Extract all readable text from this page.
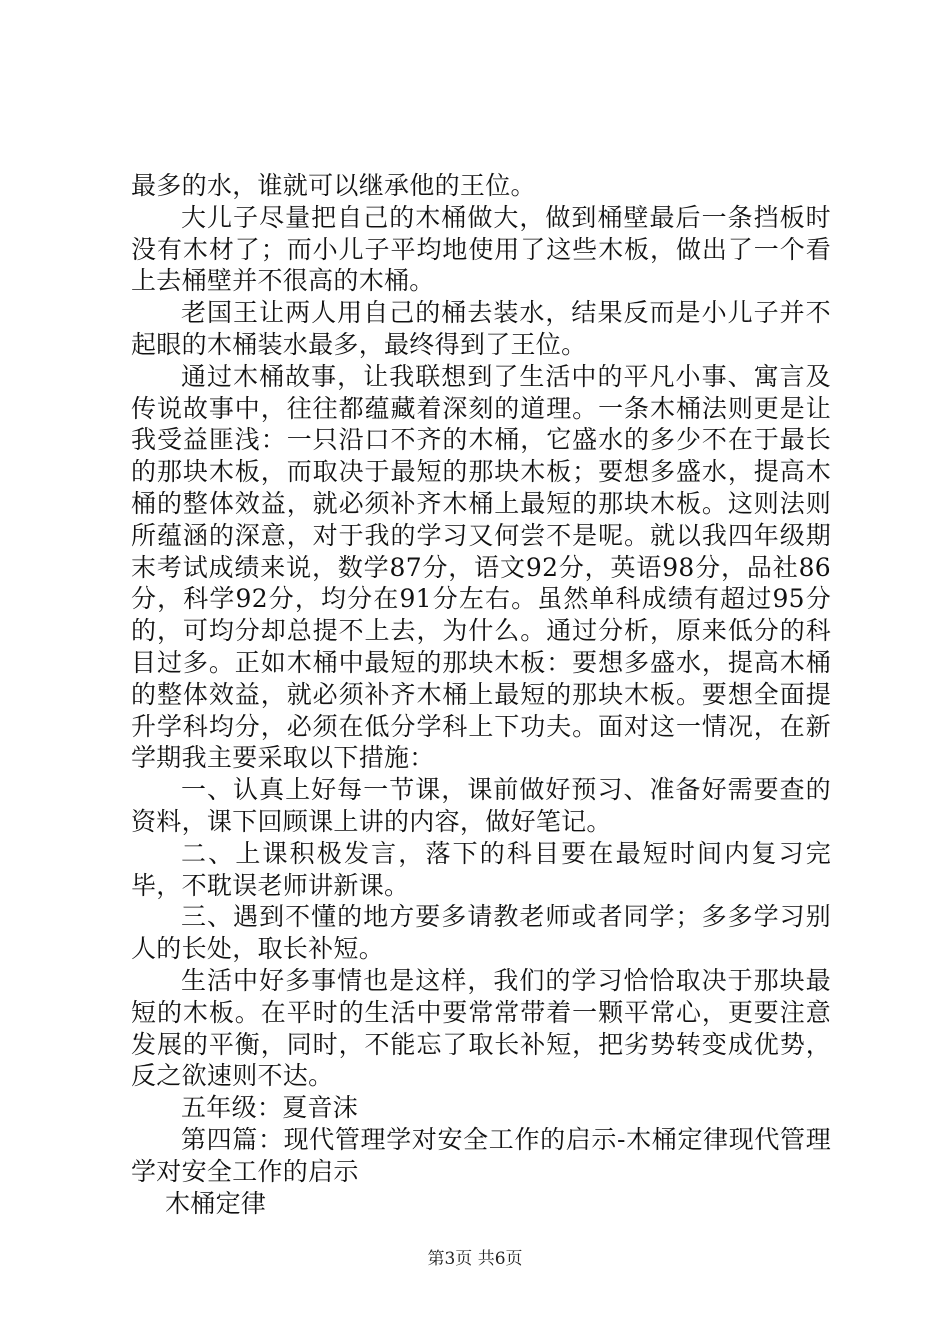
最多的水，谁就可以继承他的王位。

大儿子尽量把自己的木桶做大，做到桶壁最后一条挡板时没有木材了；而小儿子平均地使用了这些木板，做出了一个看上去桶壁并不很高的木桶。

老国王让两人用自己的桶去装水，结果反而是小儿子并不起眼的木桶装水最多，最终得到了王位。

通过木桶故事，让我联想到了生活中的平凡小事、寓言及传说故事中，往往都蕴藏着深刻的道理。一条木桶法则更是让我受益匪浅：一只沿口不齐的木桶，它盛水的多少不在于最长的那块木板，而取决于最短的那块木板；要想多盛水，提高木桶的整体效益，就必须补齐木桶上最短的那块木板。这则法则所蕴涵的深意，对于我的学习又何尝不是呢。就以我四年级期末考试成绩来说，数学87分，语文92分，英语98分，品社86分，科学92分，均分在91分左右。虽然单科成绩有超过95分的，可均分却总提不上去，为什么。通过分析，原来低分的科目过多。正如木桶中最短的那块木板：要想多盛水，提高木桶的整体效益，就必须补齐木桶上最短的那块木板。要想全面提升学科均分，必须在低分学科上下功夫。面对这一情况，在新学期我主要采取以下措施：

一、认真上好每一节课，课前做好预习、准备好需要查的资料，课下回顾课上讲的内容，做好笔记。

二、上课积极发言，落下的科目要在最短时间内复习完毕，不耽误老师讲新课。

三、遇到不懂的地方要多请教老师或者同学；多多学习别人的长处，取长补短。

生活中好多事情也是这样，我们的学习恰恰取决于那块最短的木板。在平时的生活中要常常带着一颗平常心，更要注意发展的平衡，同时，不能忘了取长补短，把劣势转变成优势，反之欲速则不达。

五年级：夏音沫

第四篇：现代管理学对安全工作的启示-木桶定律现代管理学对安全工作的启示

木桶定律

第3页 共6页
